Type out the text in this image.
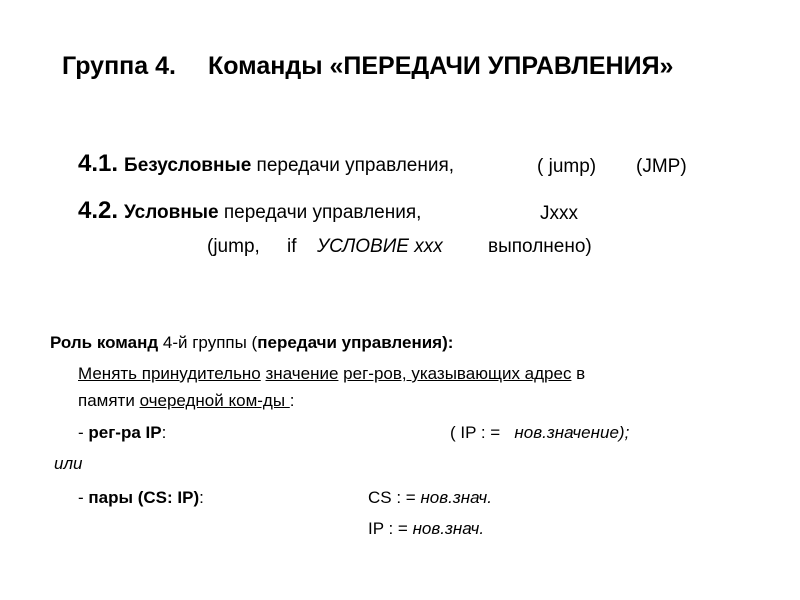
Группа 4. Команды «ПЕРЕДАЧИ УПРАВЛЕНИЯ»
4.1. Безусловные передачи управления,	( jump) (JMP)
4.2. Условные передачи управления,	Jxxx
(jump, if УСЛОВИЕ xxx выполнено)
Роль команд 4-й группы (передачи управления):
Менять принудительно значение рег-ров, указывающих адрес в
памяти очередной ком-ды :
- рег-ра IP:	( IP : =   нов.значение);
или
- пары (CS: IP):	CS : = нов.знач.
IP : = нов.знач.
